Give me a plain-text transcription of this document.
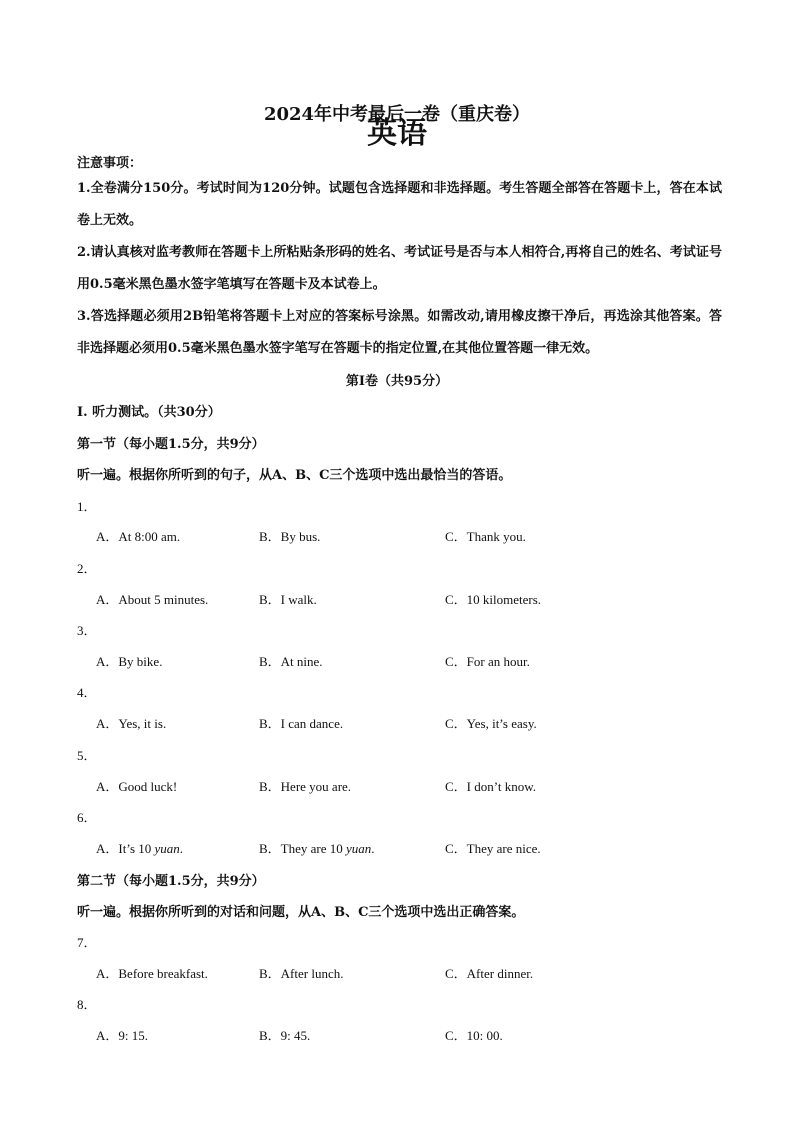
2024年中考最后一卷（重庆卷）
英语
注意事项：

1.全卷满分150分。考试时间为120分钟。试题包含选择题和非选择题。考生答题全部答在答题卡上，答在本试卷上无效。

2.请认真核对监考教师在答题卡上所粘贴条形码的姓名、考试证号是否与本人相符合,再将自己的姓名、考试证号用0.5毫米黑色墨水签字笔填写在答题卡及本试卷上。

3.答选择题必须用2B铅笔将答题卡上对应的答案标号涂黑。如需改动,请用橡皮擦干净后，再选涂其他答案。答非选择题必须用0.5毫米黑色墨水签字笔写在答题卡的指定位置,在其他位置答题一律无效。

第I卷（共95分）
Ⅰ. 听力测试。（共30分）
第一节（每小题1.5分，共9分）
听一遍。根据你所听到的句子，从A、B、C三个选项中选出最恰当的答语。
1．
A．At 8:00 am.	B．By bus.	C．Thank you.
2．
A．About 5 minutes.	B．I walk.	C．10 kilometers.
3．
A．By bike.	B．At nine.	C．For an hour.
4．
A．Yes, it is.	B．I can dance.	C．Yes, it’s easy.
5．
A．Good luck!	B．Here you are.	C．I don’t know.
6．
A．It’s 10 yuan.	B．They are 10 yuan.	C．They are nice.
第二节（每小题1.5分，共9分）
听一遍。根据你所听到的对话和问题，从A、B、C三个选项中选出正确答案。
7．
A．Before breakfast.	B．After lunch.	C．After dinner.
8．
A．9: 15.	B．9: 45.	C．10: 00.
